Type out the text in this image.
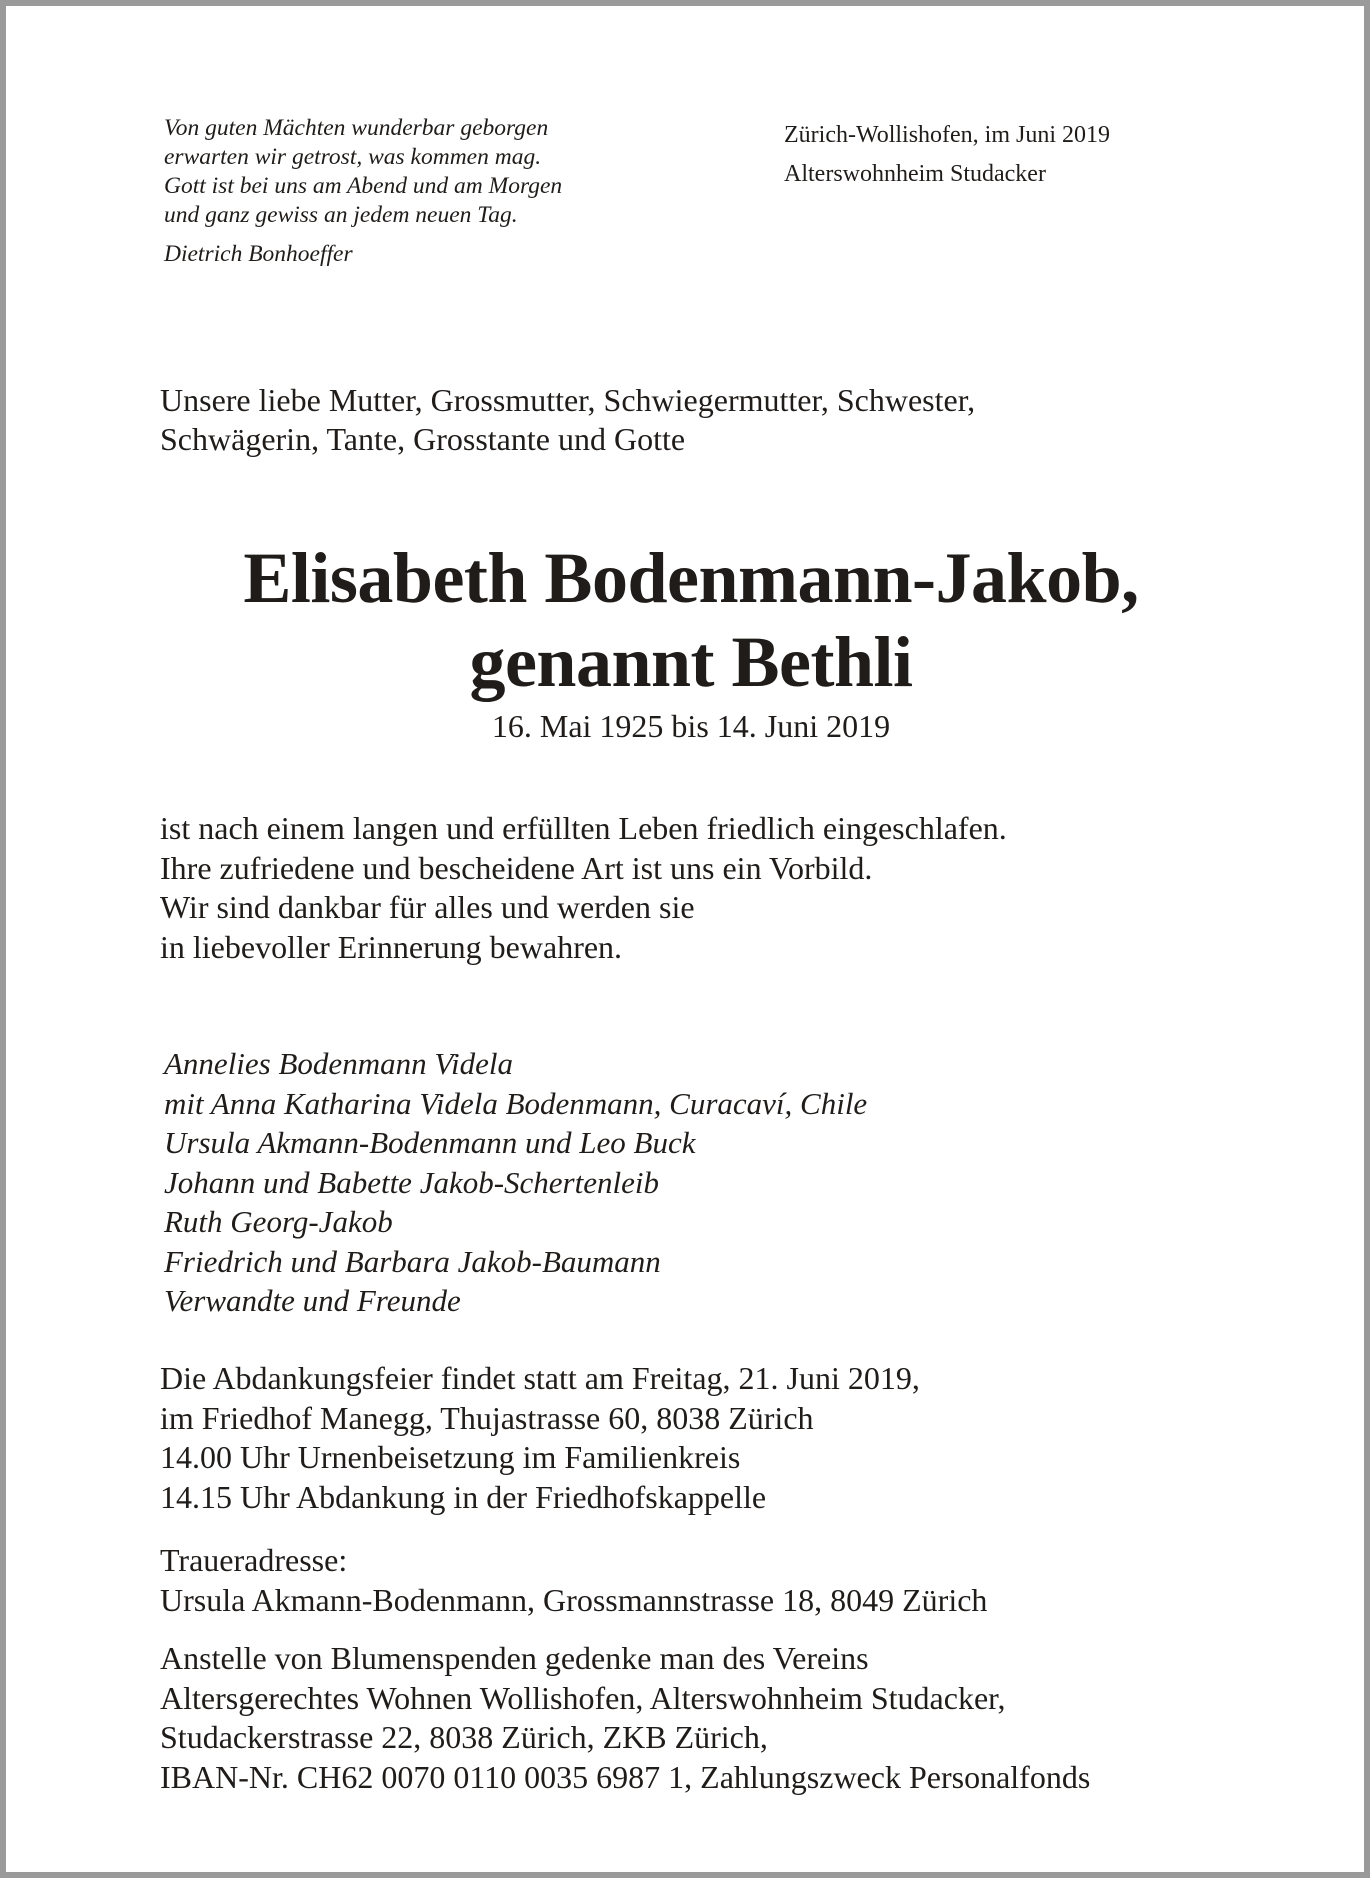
Von guten Mächten wunderbar geborgen
erwarten wir getrost, was kommen mag.
Gott ist bei uns am Abend und am Morgen
und ganz gewiss an jedem neuen Tag.
Dietrich Bonhoeffer
Zürich-Wollishofen, im Juni 2019
Alterswohnheim Studacker
Unsere liebe Mutter, Grossmutter, Schwiegermutter, Schwester,
Schwägerin, Tante, Grosstante und Gotte
Elisabeth Bodenmann-Jakob,
genannt Bethli
16. Mai 1925 bis 14. Juni 2019
ist nach einem langen und erfüllten Leben friedlich eingeschlafen.
Ihre zufriedene und bescheidene Art ist uns ein Vorbild.
Wir sind dankbar für alles und werden sie
in liebevoller Erinnerung bewahren.
Annelies Bodenmann Videla
mit Anna Katharina Videla Bodenmann, Curacaví, Chile
Ursula Akmann-Bodenmann und Leo Buck
Johann und Babette Jakob-Schertenleib
Ruth Georg-Jakob
Friedrich und Barbara Jakob-Baumann
Verwandte und Freunde
Die Abdankungsfeier findet statt am Freitag, 21. Juni 2019,
im Friedhof Manegg, Thujastrasse 60, 8038 Zürich
14.00 Uhr Urnenbeisetzung im Familienkreis
14.15 Uhr Abdankung in der Friedhofskappelle
Traueradresse:
Ursula Akmann-Bodenmann, Grossmannstrasse 18, 8049 Zürich
Anstelle von Blumenspenden gedenke man des Vereins
Altersgerechtes Wohnen Wollishofen, Alterswohnheim Studacker,
Studackerstrasse 22, 8038 Zürich, ZKB Zürich,
IBAN-Nr. CH62 0070 0110 0035 6987 1, Zahlungszweck Personalfonds
